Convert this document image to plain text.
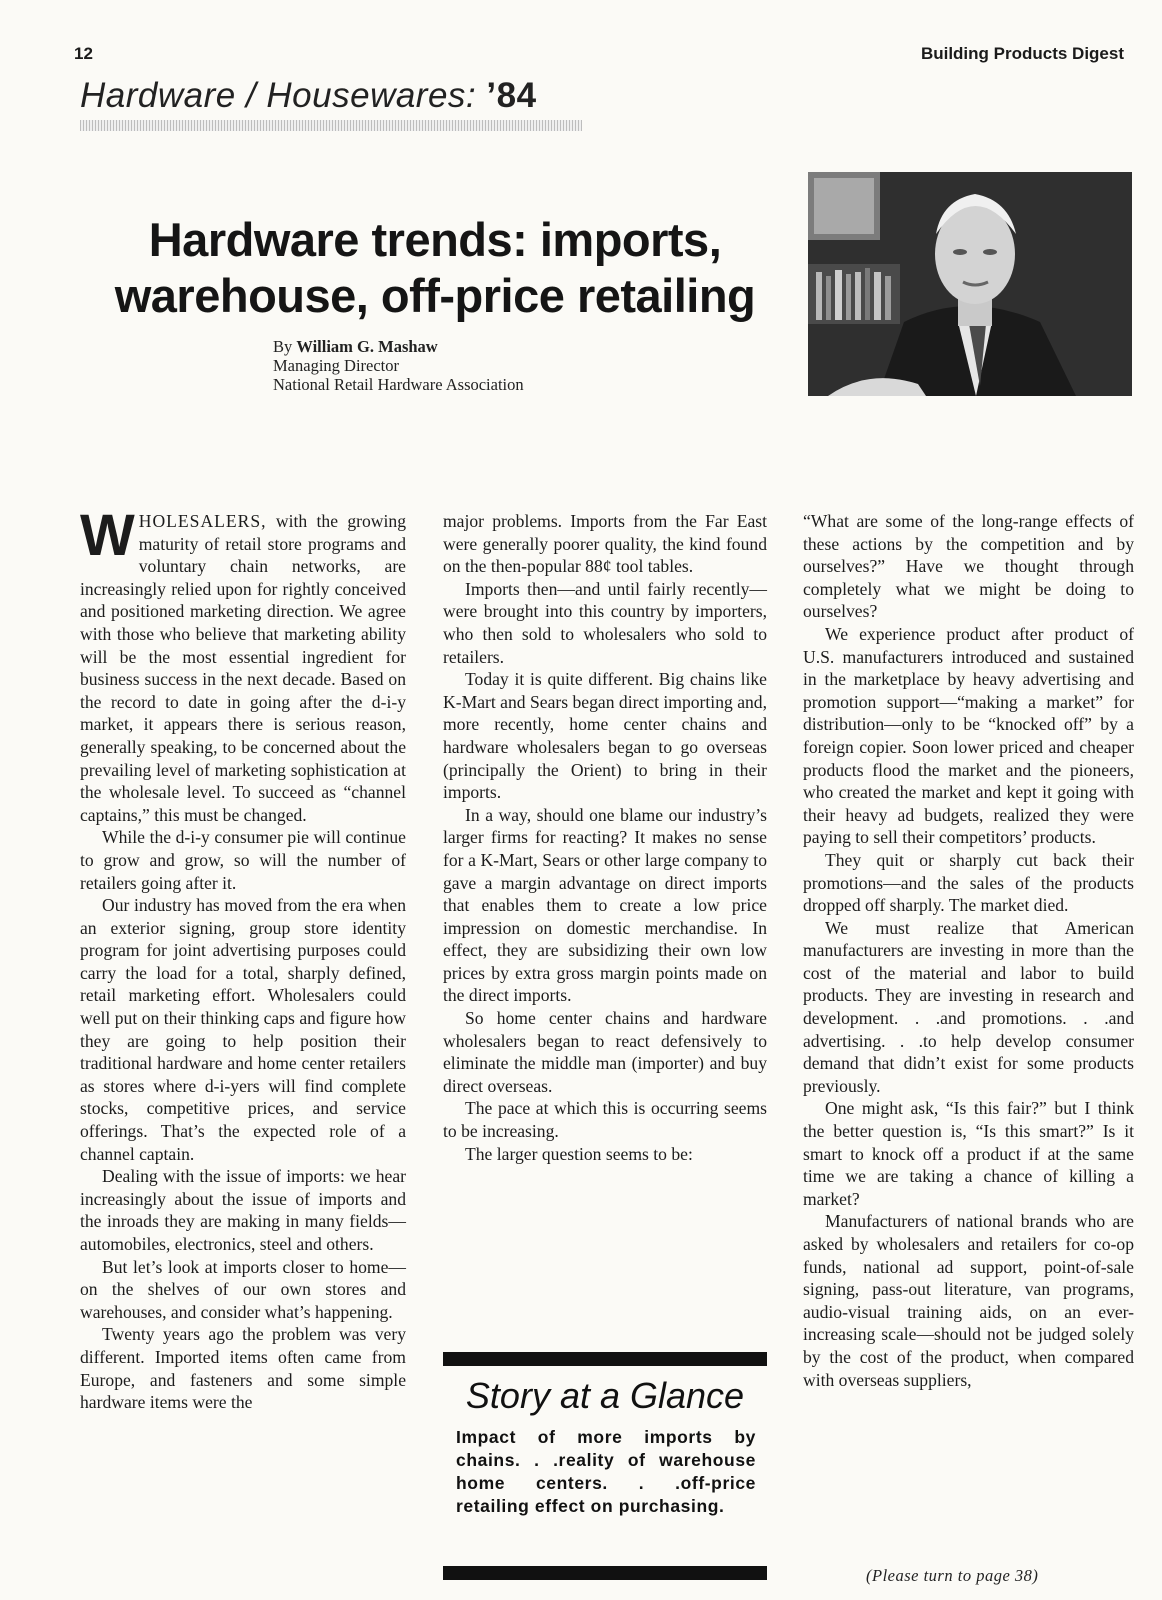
12	Building Products Digest
Hardware / Housewares: ’84
Hardware trends: imports, warehouse, off-price retailing
By William G. Mashaw
Managing Director
National Retail Hardware Association

WHOLESALERS, with the growing maturity of retail store programs and voluntary chain networks, are increasingly relied upon for rightly conceived and positioned marketing direction. We agree with those who believe that marketing ability will be the most essential ingredient for business success in the next decade. Based on the record to date in going after the d-i-y market, it appears there is serious reason, generally speaking, to be concerned about the prevailing level of marketing sophistication at the wholesale level. To succeed as “channel captains,” this must be changed.

While the d-i-y consumer pie will continue to grow and grow, so will the number of retailers going after it.

Our industry has moved from the era when an exterior signing, group store identity program for joint advertising purposes could carry the load for a total, sharply defined, retail marketing effort. Wholesalers could well put on their thinking caps and figure how they are going to help position their traditional hardware and home center retailers as stores where d-i-yers will find complete stocks, competitive prices, and service offerings. That’s the expected role of a channel captain.

Dealing with the issue of imports: we hear increasingly about the issue of imports and the inroads they are making in many fields—automobiles, electronics, steel and others.

But let’s look at imports closer to home—on the shelves of our own stores and warehouses, and consider what’s happening.

Twenty years ago the problem was very different. Imported items often came from Europe, and fasteners and some simple hardware items were the

major problems. Imports from the Far East were generally poorer quality, the kind found on the then-popular 88¢ tool tables.

Imports then—and until fairly recently—were brought into this country by importers, who then sold to wholesalers who sold to retailers.

Today it is quite different. Big chains like K-Mart and Sears began direct importing and, more recently, home center chains and hardware wholesalers began to go overseas (principally the Orient) to bring in their imports.

In a way, should one blame our industry’s larger firms for reacting? It makes no sense for a K-Mart, Sears or other large company to gave a margin advantage on direct imports that enables them to create a low price impression on domestic merchandise. In effect, they are subsidizing their own low prices by extra gross margin points made on the direct imports.

So home center chains and hardware wholesalers began to react defensively to eliminate the middle man (importer) and buy direct overseas.

The pace at which this is occurring seems to be increasing.

The larger question seems to be:

Story at a Glance
Impact of more imports by chains. . .reality of warehouse home centers. . .off-price retailing effect on purchasing.

“What are some of the long-range effects of these actions by the competition and by ourselves?” Have we thought through completely what we might be doing to ourselves?

We experience product after product of U.S. manufacturers introduced and sustained in the marketplace by heavy advertising and promotion support—“making a market” for distribution—only to be “knocked off” by a foreign copier. Soon lower priced and cheaper products flood the market and the pioneers, who created the market and kept it going with their heavy ad budgets, realized they were paying to sell their competitors’ products.

They quit or sharply cut back their promotions—and the sales of the products dropped off sharply. The market died.

We must realize that American manufacturers are investing in more than the cost of the material and labor to build products. They are investing in research and development. . .and promotions. . .and advertising. . .to help develop consumer demand that didn’t exist for some products previously.

One might ask, “Is this fair?” but I think the better question is, “Is this smart?” Is it smart to knock off a product if at the same time we are taking a chance of killing a market?

Manufacturers of national brands who are asked by wholesalers and retailers for co-op funds, national ad support, point-of-sale signing, pass-out literature, van programs, audio-visual training aids, on an ever-increasing scale—should not be judged solely by the cost of the product, when compared with overseas suppliers,

(Please turn to page 38)
